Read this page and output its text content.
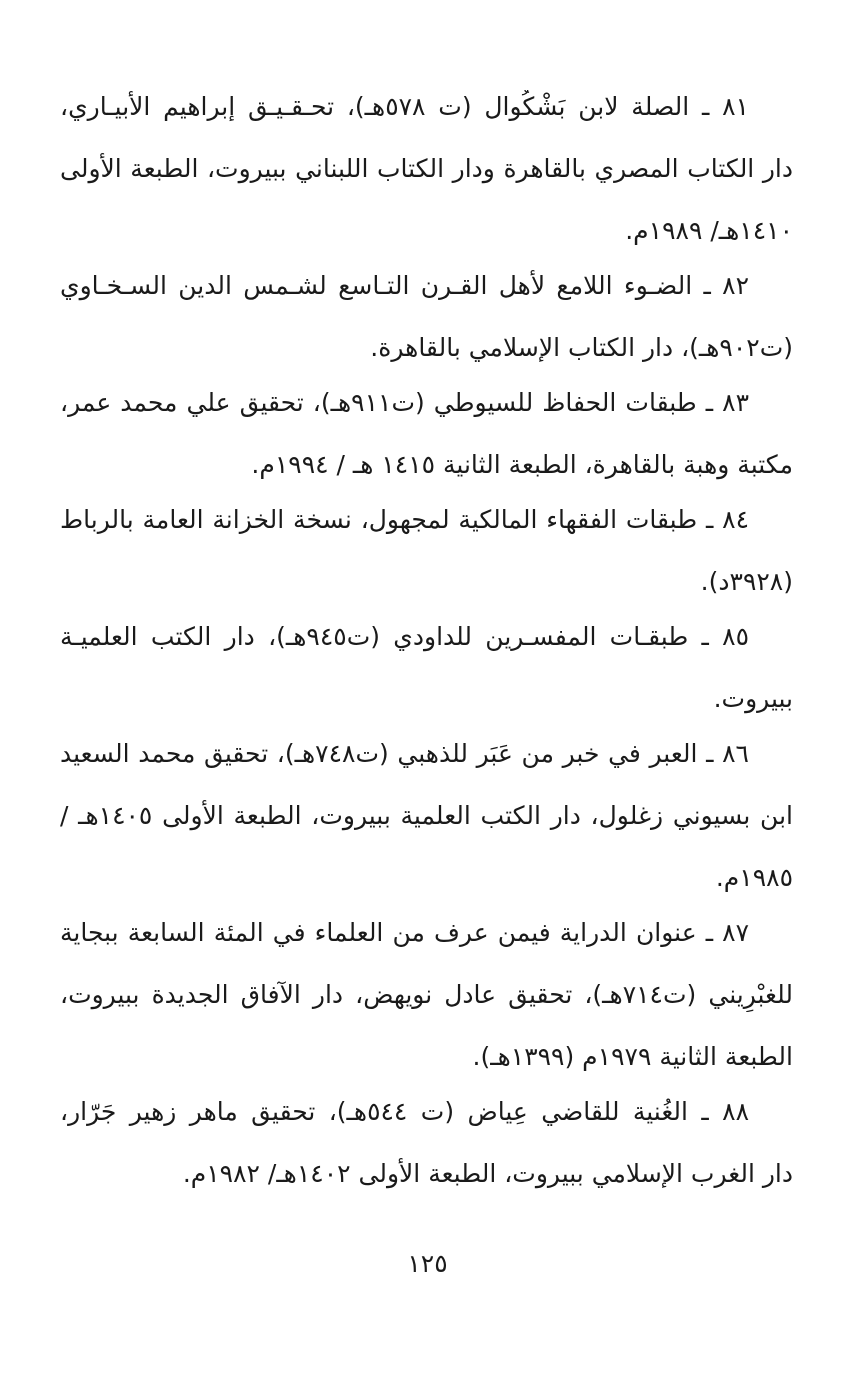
٨١ ـ الصلة لابن بَشْكُوال (ت ٥٧٨هـ)، تحـقـيـق إبراهيم الأبيـاري،
دار الكتاب المصري بالقاهرة ودار الكتاب اللبناني ببيروت، الطبعة الأولى
١٤١٠هـ/ ١٩٨٩م.
٨٢ ـ الضـوء اللامع لأهل القـرن التـاسع لشـمس الدين السـخـاوي
(ت٩٠٢هـ)، دار الكتاب الإسلامي بالقاهرة.
٨٣ ـ طبقات الحفاظ للسيوطي (ت٩١١هـ)، تحقيق علي محمد عمر،
مكتبة وهبة بالقاهرة، الطبعة الثانية ١٤١٥ هـ / ١٩٩٤م.
٨٤ ـ طبقات الفقهاء المالكية لمجهول، نسخة الخزانة العامة بالرباط
(٣٩٢٨د).
٨٥ ـ طبقـات المفسـرين للداودي (ت٩٤٥هـ)، دار الكتب العلميـة
ببيروت.
٨٦ ـ العبر في خبر من عَبَر للذهبي (ت٧٤٨هـ)، تحقيق محمد السعيد
ابن بسيوني زغلول، دار الكتب العلمية ببيروت، الطبعة الأولى ١٤٠٥هـ /
١٩٨٥م.
٨٧ ـ عنوان الدراية فيمن عرف من العلماء في المئة السابعة ببجاية
للغبْرِيني (ت٧١٤هـ)، تحقيق عادل نويهض، دار الآفاق الجديدة ببيروت،
الطبعة الثانية ١٩٧٩م (١٣٩٩هـ).
٨٨ ـ الغُنية للقاضي عِياض (ت ٥٤٤هـ)، تحقيق ماهر زهير جَرّار،
دار الغرب الإسلامي ببيروت، الطبعة الأولى ١٤٠٢هـ/ ١٩٨٢م.
١٢٥
